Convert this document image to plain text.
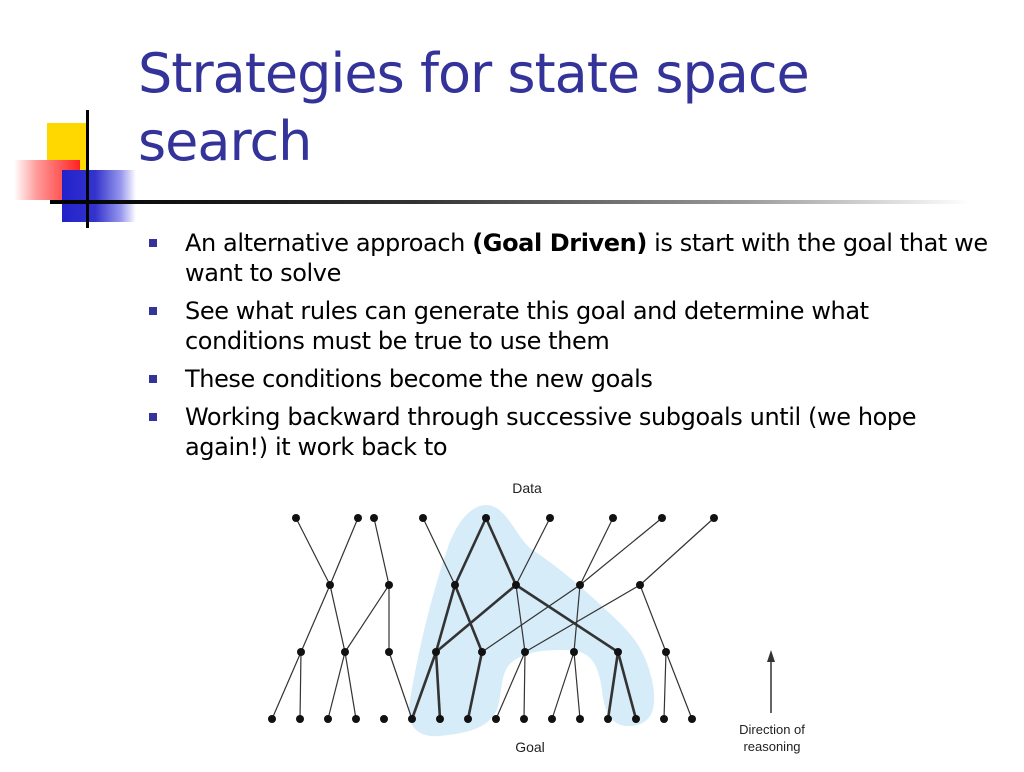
Strategies for state space search
An alternative approach (Goal Driven) is start with the goal that we want to solve
See what rules can generate this goal and determine what conditions must be true to use them
These conditions become the new goals
Working backward through successive subgoals until (we hope again!) it work back to
Data
Goal
Direction of
reasoning
